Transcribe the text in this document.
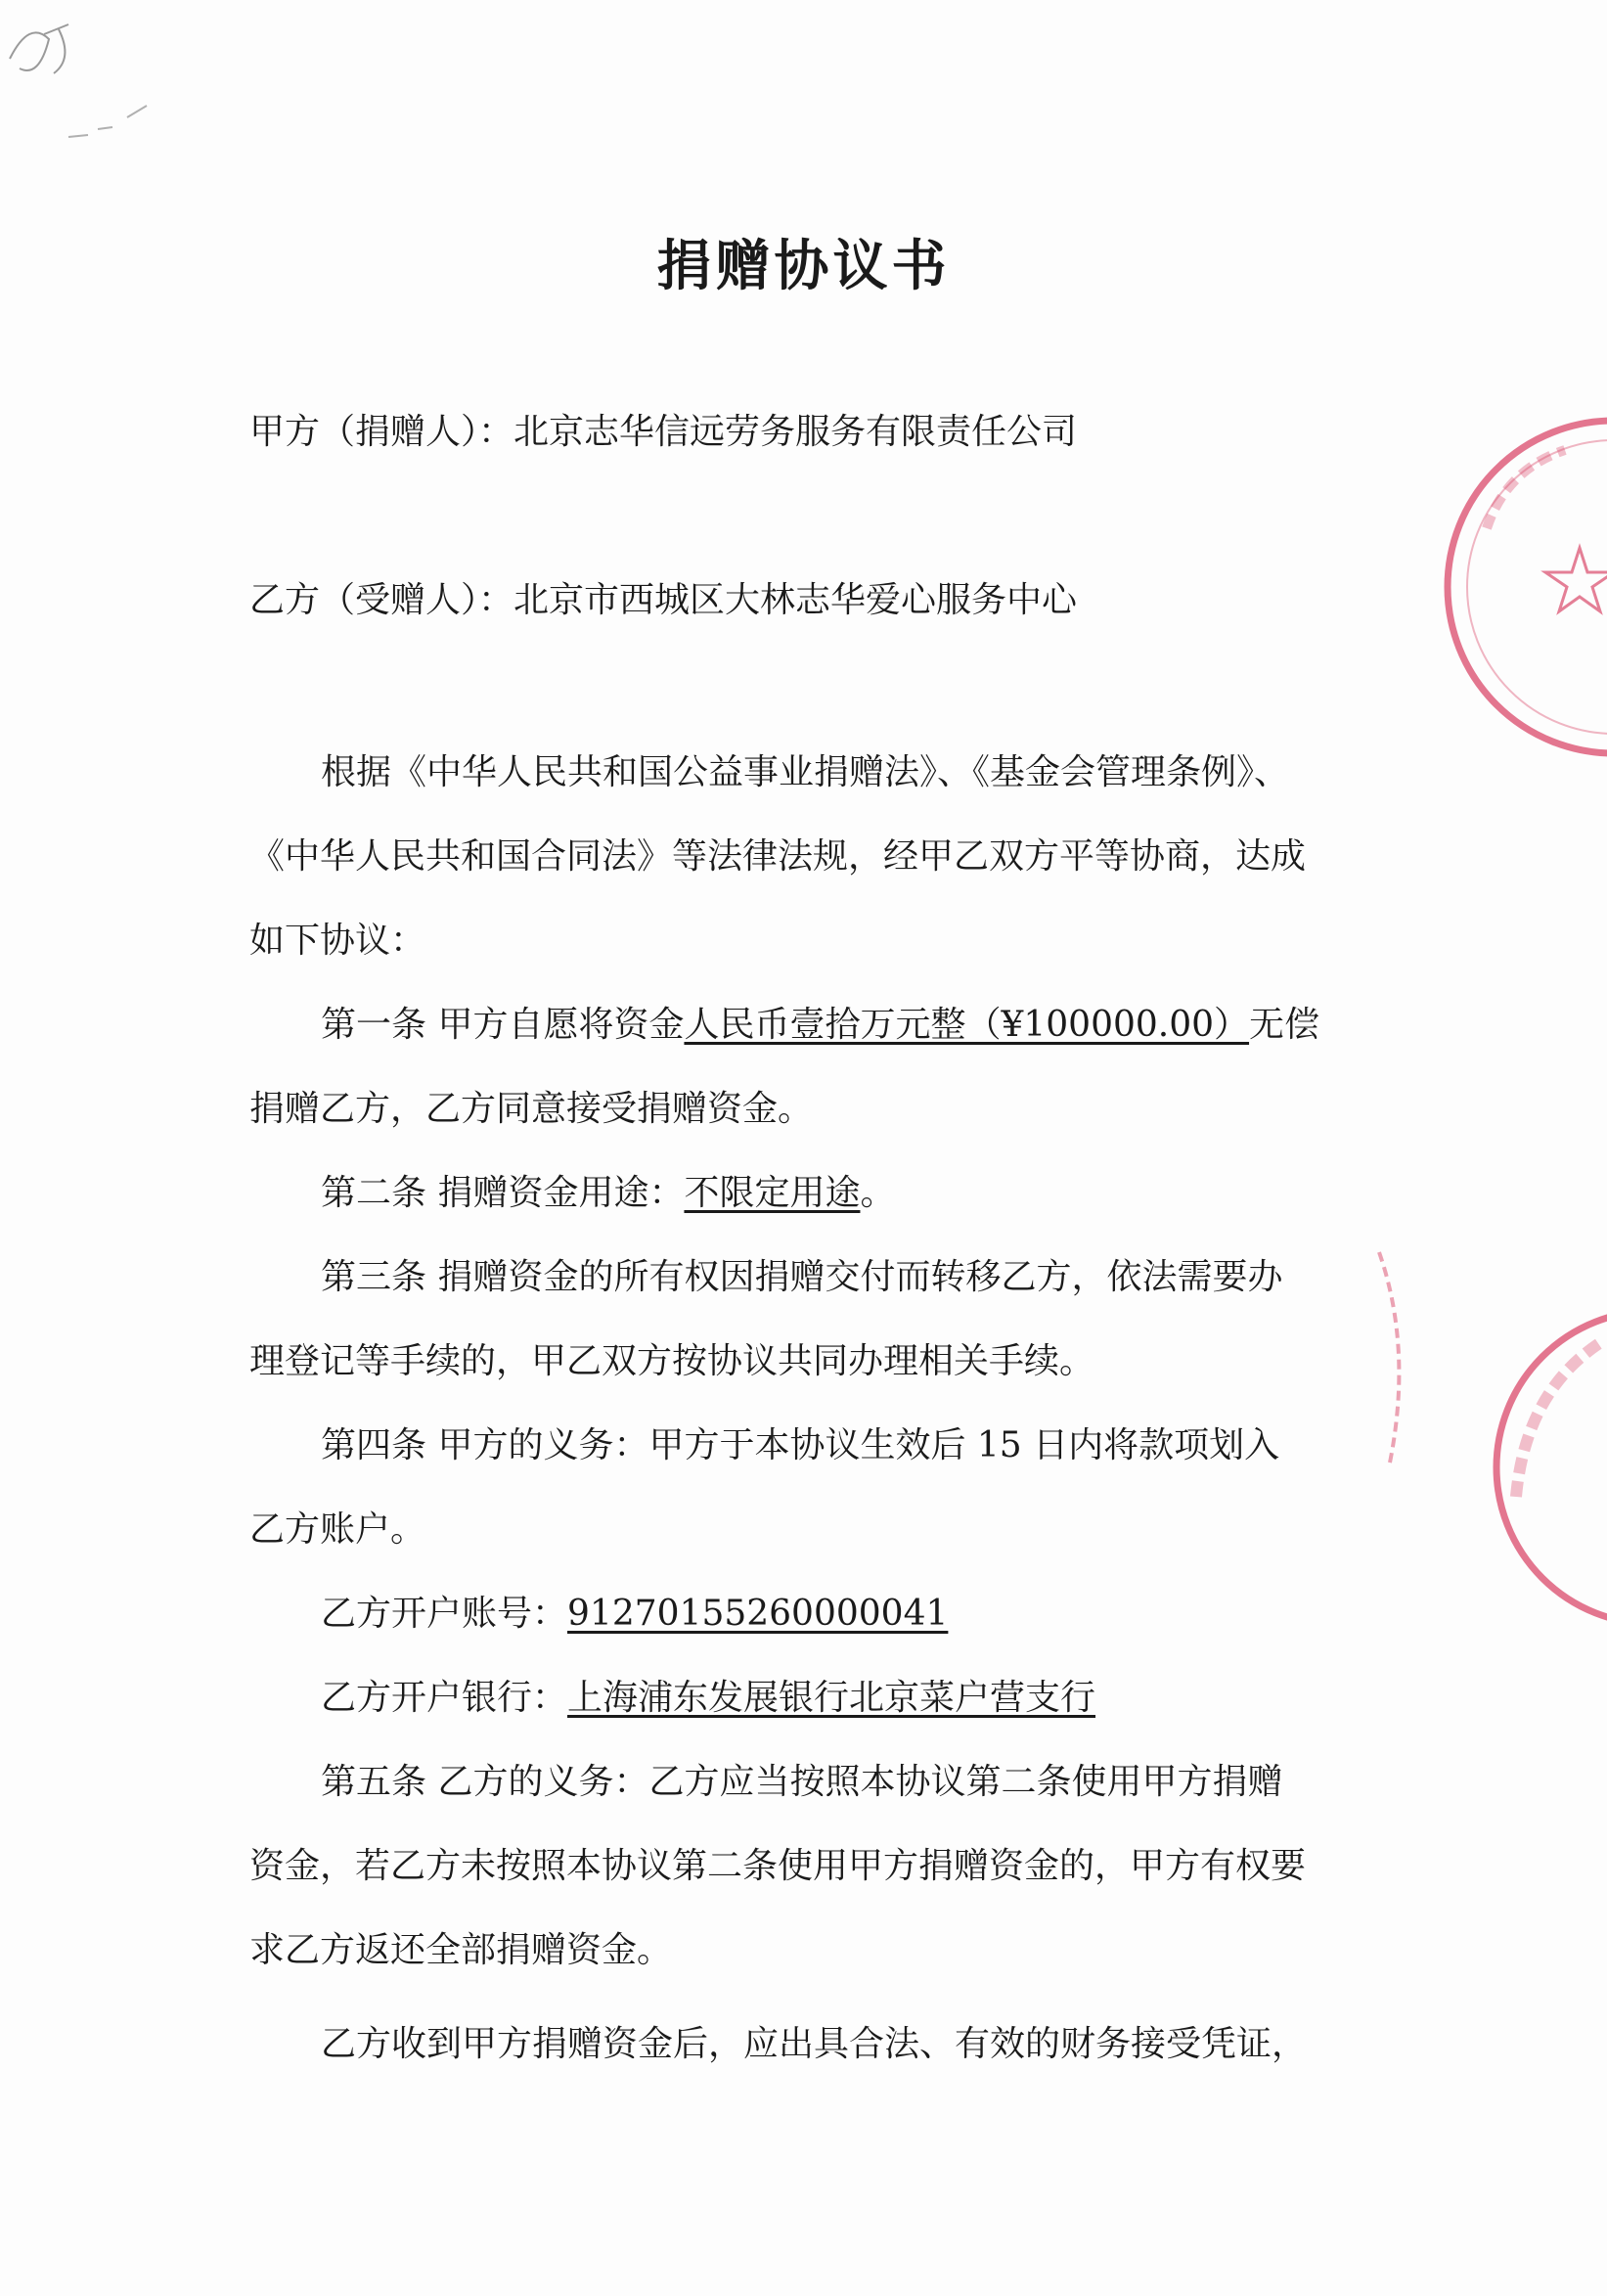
捐赠协议书
甲方（捐赠人）：北京志华信远劳务服务有限责任公司
乙方（受赠人）：北京市西城区大林志华爱心服务中心
根据《中华人民共和国公益事业捐赠法》、《基金会管理条例》、
《中华人民共和国合同法》等法律法规，经甲乙双方平等协商，达成
如下协议：
第一条 甲方自愿将资金人民币壹拾万元整（¥100000.00）无偿
捐赠乙方，乙方同意接受捐赠资金。
第二条 捐赠资金用途：不限定用途。
第三条 捐赠资金的所有权因捐赠交付而转移乙方，依法需要办
理登记等手续的，甲乙双方按协议共同办理相关手续。
第四条 甲方的义务：甲方于本协议生效后 15 日内将款项划入
乙方账户。
乙方开户账号：91270155260000041
乙方开户银行：上海浦东发展银行北京菜户营支行
第五条 乙方的义务：乙方应当按照本协议第二条使用甲方捐赠
资金，若乙方未按照本协议第二条使用甲方捐赠资金的，甲方有权要
求乙方返还全部捐赠资金。
乙方收到甲方捐赠资金后，应出具合法、有效的财务接受凭证，
